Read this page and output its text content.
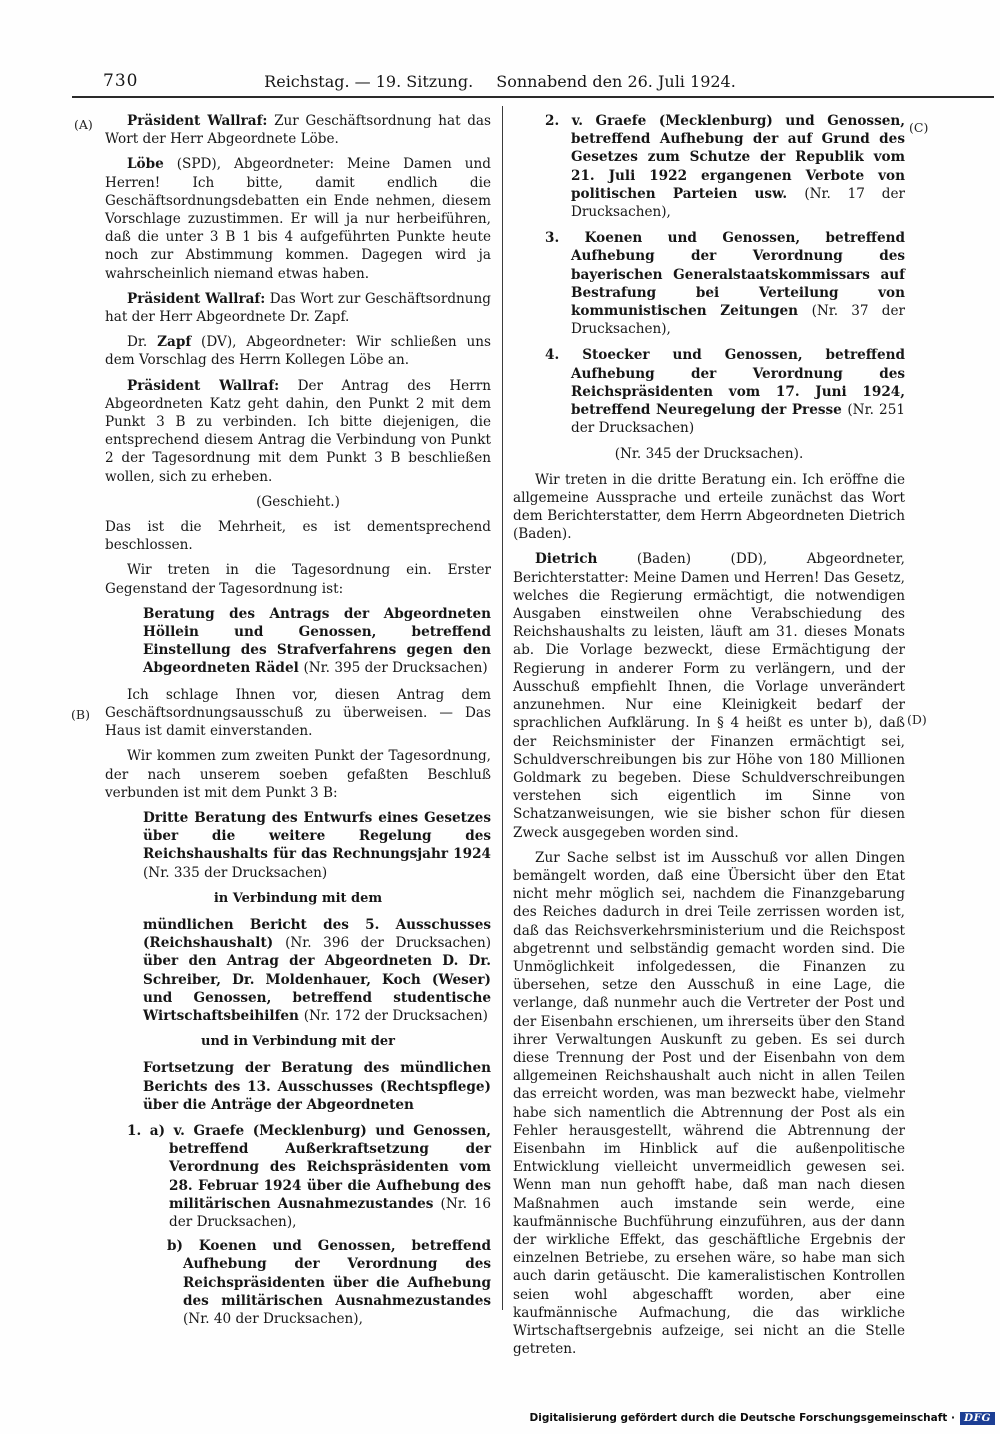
730	Reichstag. — 19. Sitzung. Sonnabend den 26. Juli 1924.
(A)
(B)
(C)
(D)

Präsident Wallraf: Zur Geschäftsordnung hat das Wort der Herr Abgeordnete Löbe.

Löbe (SPD), Abgeordneter: Meine Damen und Herren! Ich bitte, damit endlich die Geschäftsordnungsdebatten ein Ende nehmen, diesem Vorschlage zuzustimmen. Er will ja nur herbeiführen, daß die unter 3 B 1 bis 4 aufgeführten Punkte heute noch zur Abstimmung kommen. Dagegen wird ja wahrscheinlich niemand etwas haben.

Präsident Wallraf: Das Wort zur Geschäftsordnung hat der Herr Abgeordnete Dr. Zapf.

Dr. Zapf (DV), Abgeordneter: Wir schließen uns dem Vorschlag des Herrn Kollegen Löbe an.

Präsident Wallraf: Der Antrag des Herrn Abgeordneten Katz geht dahin, den Punkt 2 mit dem Punkt 3 B zu verbinden. Ich bitte diejenigen, die entsprechend diesem Antrag die Verbindung von Punkt 2 der Tagesordnung mit dem Punkt 3 B beschließen wollen, sich zu erheben.

(Geschieht.)

Das ist die Mehrheit, es ist dementsprechend beschlossen.

Wir treten in die Tagesordnung ein. Erster Gegenstand der Tagesordnung ist:

Beratung des Antrags der Abgeordneten Höllein und Genossen, betreffend Einstellung des Strafverfahrens gegen den Abgeordneten Rädel (Nr. 395 der Drucksachen)

Ich schlage Ihnen vor, diesen Antrag dem Geschäftsordnungsausschuß zu überweisen. — Das Haus ist damit einverstanden.

Wir kommen zum zweiten Punkt der Tagesordnung, der nach unserem soeben gefaßten Beschluß verbunden ist mit dem Punkt 3 B:

Dritte Beratung des Entwurfs eines Gesetzes über die weitere Regelung des Reichshaushalts für das Rechnungsjahr 1924 (Nr. 335 der Drucksachen)

in Verbindung mit dem

mündlichen Bericht des 5. Ausschusses (Reichshaushalt) (Nr. 396 der Drucksachen) über den Antrag der Abgeordneten D. Dr. Schreiber, Dr. Moldenhauer, Koch (Weser) und Genossen, betreffend studentische Wirtschaftsbeihilfen (Nr. 172 der Drucksachen)

und in Verbindung mit der

Fortsetzung der Beratung des mündlichen Berichts des 13. Ausschusses (Rechtspflege) über die Anträge der Abgeordneten

1. a) v. Graefe (Mecklenburg) und Genossen, betreffend Außerkraftsetzung der Verordnung des Reichspräsidenten vom 28. Februar 1924 über die Aufhebung des militärischen Ausnahmezustandes (Nr. 16 der Drucksachen),

b) Koenen und Genossen, betreffend Aufhebung der Verordnung des Reichspräsidenten über die Aufhebung des militärischen Ausnahmezustandes (Nr. 40 der Drucksachen),

2. v. Graefe (Mecklenburg) und Genossen, betreffend Aufhebung der auf Grund des Gesetzes zum Schutze der Republik vom 21. Juli 1922 ergangenen Verbote von politischen Parteien usw. (Nr. 17 der Drucksachen),

3. Koenen und Genossen, betreffend Aufhebung der Verordnung des bayerischen Generalstaatskommissars auf Bestrafung bei Verteilung von kommunistischen Zeitungen (Nr. 37 der Drucksachen),

4. Stoecker und Genossen, betreffend Aufhebung der Verordnung des Reichspräsidenten vom 17. Juni 1924, betreffend Neuregelung der Presse (Nr. 251 der Drucksachen)

(Nr. 345 der Drucksachen).

Wir treten in die dritte Beratung ein. Ich eröffne die allgemeine Aussprache und erteile zunächst das Wort dem Berichterstatter, dem Herrn Abgeordneten Dietrich (Baden).

Dietrich (Baden) (DD), Abgeordneter, Berichterstatter: Meine Damen und Herren! Das Gesetz, welches die Regierung ermächtigt, die notwendigen Ausgaben einstweilen ohne Verabschiedung des Reichshaushalts zu leisten, läuft am 31. dieses Monats ab. Die Vorlage bezweckt, diese Ermächtigung der Regierung in anderer Form zu verlängern, und der Ausschuß empfiehlt Ihnen, die Vorlage unverändert anzunehmen. Nur eine Kleinigkeit bedarf der sprachlichen Aufklärung. In § 4 heißt es unter b), daß der Reichsminister der Finanzen ermächtigt sei, Schuldverschreibungen bis zur Höhe von 180 Millionen Goldmark zu begeben. Diese Schuldverschreibungen verstehen sich eigentlich im Sinne von Schatzanweisungen, wie sie bisher schon für diesen Zweck ausgegeben worden sind.

Zur Sache selbst ist im Ausschuß vor allen Dingen bemängelt worden, daß eine Übersicht über den Etat nicht mehr möglich sei, nachdem die Finanzgebarung des Reiches dadurch in drei Teile zerrissen worden ist, daß das Reichsverkehrsministerium und die Reichspost abgetrennt und selbständig gemacht worden sind. Die Unmöglichkeit infolgedessen, die Finanzen zu übersehen, setze den Ausschuß in eine Lage, die verlange, daß nunmehr auch die Vertreter der Post und der Eisenbahn erschienen, um ihrerseits über den Stand ihrer Verwaltungen Auskunft zu geben. Es sei durch diese Trennung der Post und der Eisenbahn von dem allgemeinen Reichshaushalt auch nicht in allen Teilen das erreicht worden, was man bezweckt habe, vielmehr habe sich namentlich die Abtrennung der Post als ein Fehler herausgestellt, während die Abtrennung der Eisenbahn im Hinblick auf die außenpolitische Entwicklung vielleicht unvermeidlich gewesen sei. Wenn man nun gehofft habe, daß man nach diesen Maßnahmen auch imstande sein werde, eine kaufmännische Buchführung einzuführen, aus der dann der wirkliche Effekt, das geschäftliche Ergebnis der einzelnen Betriebe, zu ersehen wäre, so habe man sich auch darin getäuscht. Die kameralistischen Kontrollen seien wohl abgeschafft worden, aber eine kaufmännische Aufmachung, die das wirkliche Wirtschaftsergebnis aufzeige, sei nicht an die Stelle getreten.

Digitalisierung gefördert durch die Deutsche Forschungsgemeinschaft · DFG
